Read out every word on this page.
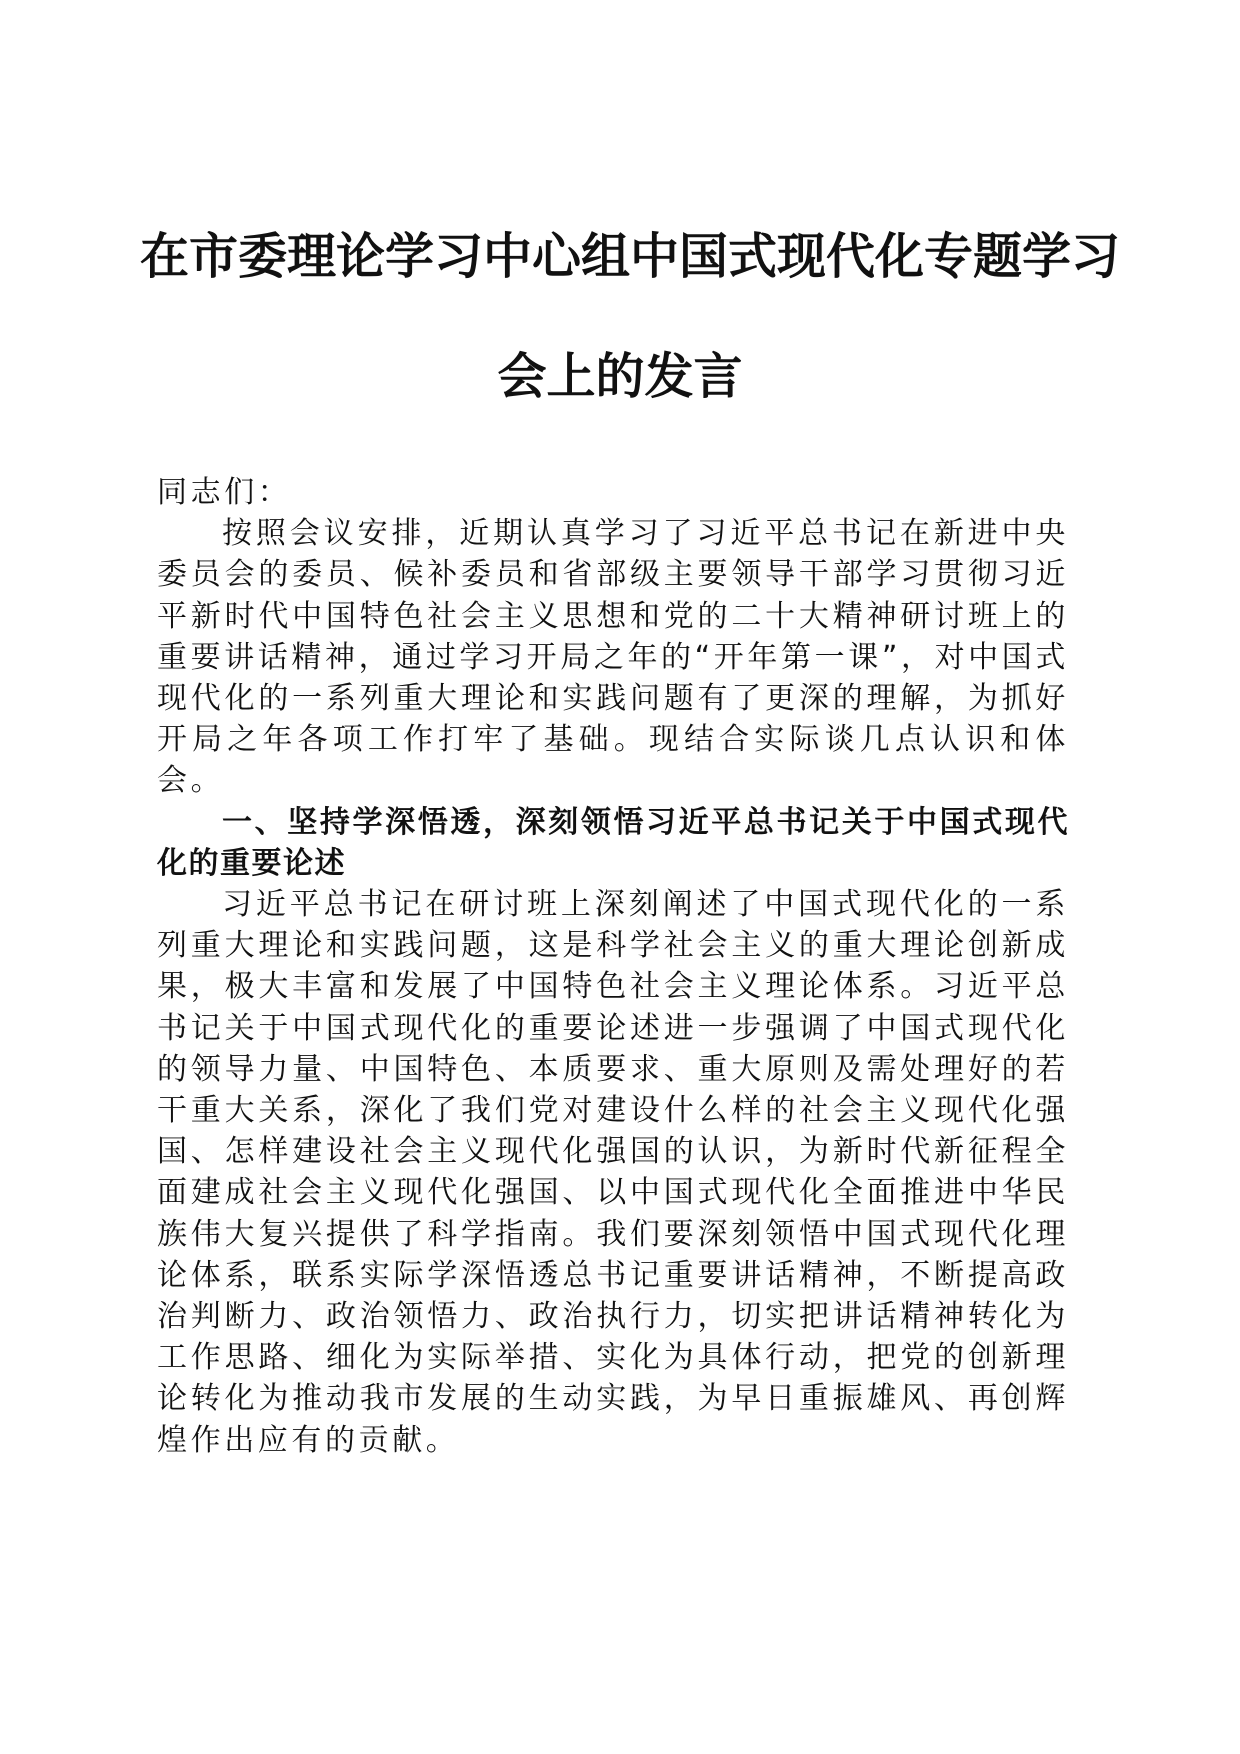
在市委理论学习中心组中国式现代化专题学习
会上的发言

同志们：

按照会议安排，近期认真学习了习近平总书记在新进中央委员会的委员、候补委员和省部级主要领导干部学习贯彻习近平新时代中国特色社会主义思想和党的二十大精神研讨班上的重要讲话精神，通过学习开局之年的“开年第一课”，对中国式现代化的一系列重大理论和实践问题有了更深的理解，为抓好开局之年各项工作打牢了基础。现结合实际谈几点认识和体会。

一、坚持学深悟透，深刻领悟习近平总书记关于中国式现代化的重要论述

习近平总书记在研讨班上深刻阐述了中国式现代化的一系列重大理论和实践问题，这是科学社会主义的重大理论创新成果，极大丰富和发展了中国特色社会主义理论体系。习近平总书记关于中国式现代化的重要论述进一步强调了中国式现代化的领导力量、中国特色、本质要求、重大原则及需处理好的若干重大关系，深化了我们党对建设什么样的社会主义现代化强国、怎样建设社会主义现代化强国的认识，为新时代新征程全面建成社会主义现代化强国、以中国式现代化全面推进中华民族伟大复兴提供了科学指南。我们要深刻领悟中国式现代化理论体系，联系实际学深悟透总书记重要讲话精神，不断提高政治判断力、政治领悟力、政治执行力，切实把讲话精神转化为工作思路、细化为实际举措、实化为具体行动，把党的创新理论转化为推动我市发展的生动实践，为早日重振雄风、再创辉煌作出应有的贡献。
